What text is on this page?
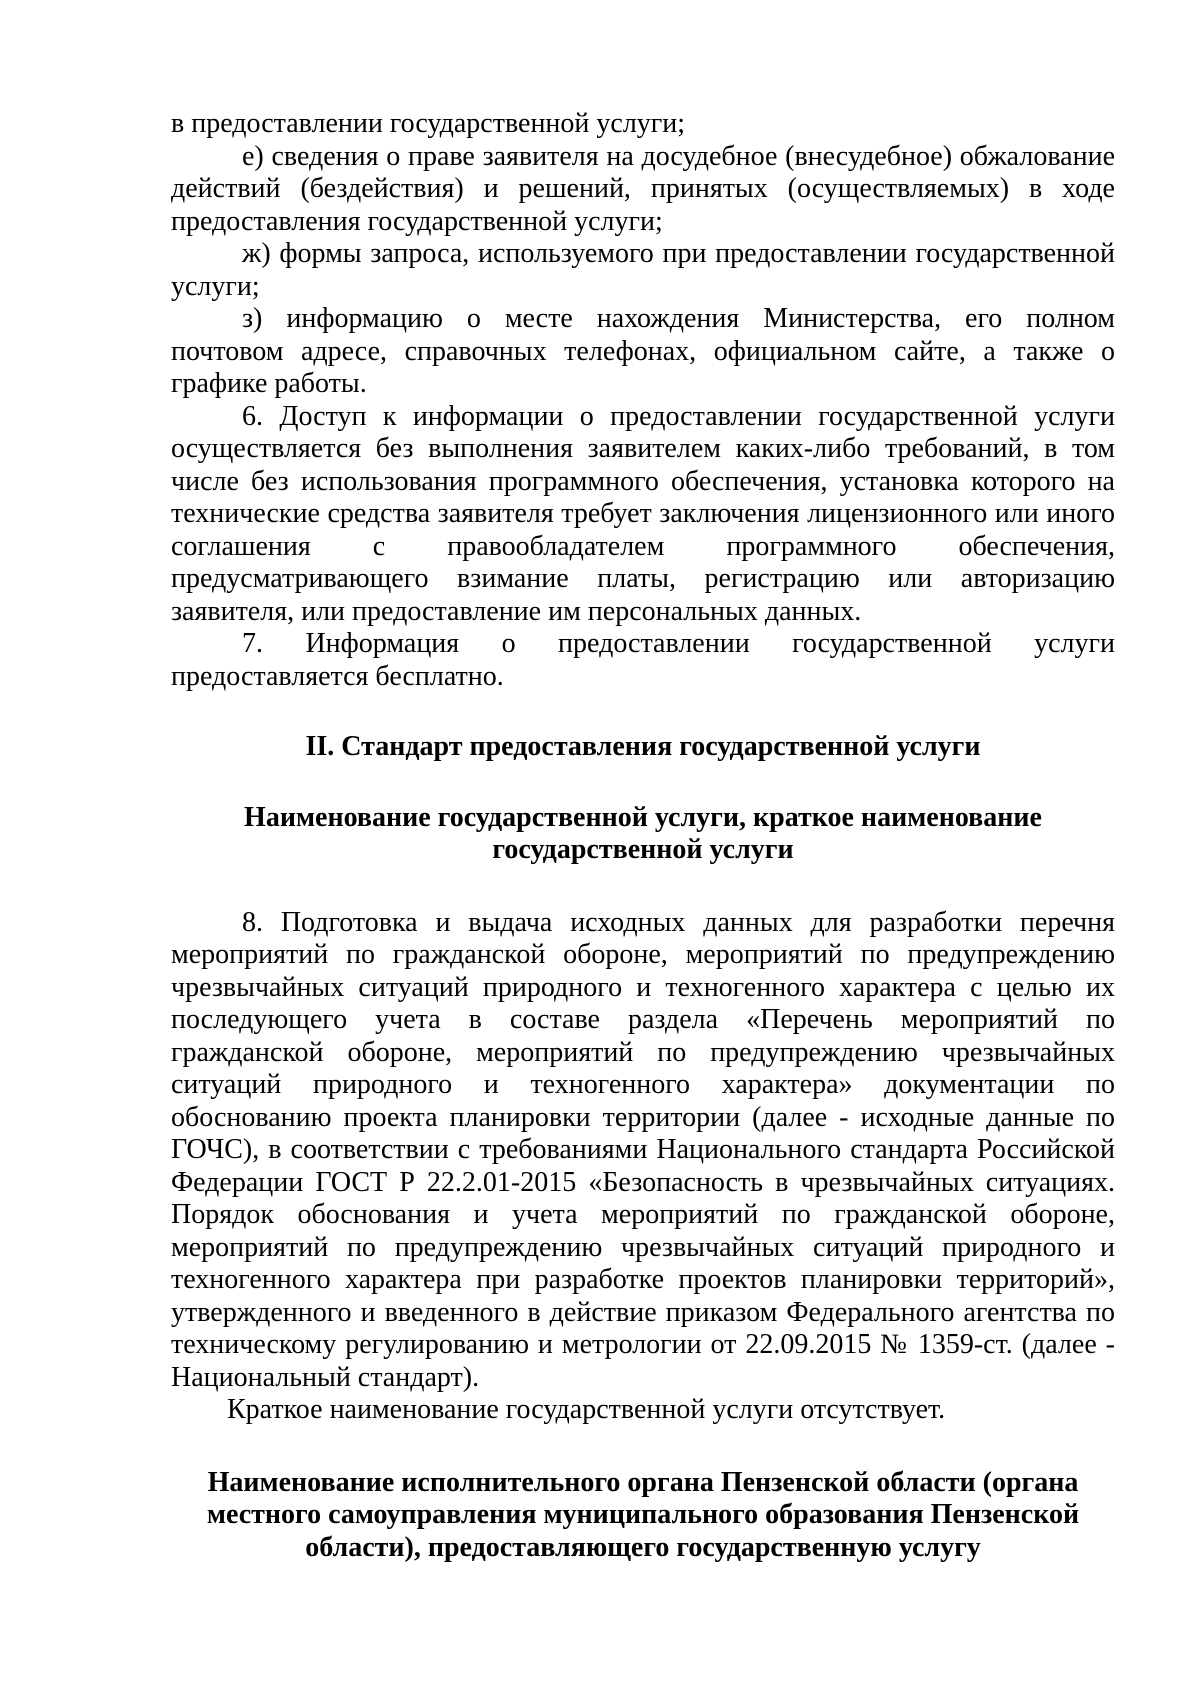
в предоставлении государственной услуги;

е) сведения о праве заявителя на досудебное (внесудебное) обжалование действий (бездействия) и решений, принятых (осуществляемых) в ходе предоставления государственной услуги;

ж) формы запроса, используемого при предоставлении государственной услуги;

з) информацию о месте нахождения Министерства, его полном почтовом адресе, справочных телефонах, официальном сайте, а также о графике работы.

6. Доступ к информации о предоставлении государственной услуги осуществляется без выполнения заявителем каких-либо требований, в том числе без использования программного обеспечения, установка которого на технические средства заявителя требует заключения лицензионного или иного соглашения с правообладателем программного обеспечения, предусматривающего взимание платы, регистрацию или авторизацию заявителя, или предоставление им персональных данных.

7. Информация о предоставлении государственной услуги предоставляется бесплатно.

II. Стандарт предоставления государственной услуги
Наименование государственной услуги, краткое наименование государственной услуги

8. Подготовка и выдача исходных данных для разработки перечня мероприятий по гражданской обороне, мероприятий по предупреждению чрезвычайных ситуаций природного и техногенного характера с целью их последующего учета в составе раздела «Перечень мероприятий по гражданской обороне, мероприятий по предупреждению чрезвычайных ситуаций природного и техногенного характера» документации по обоснованию проекта планировки территории (далее - исходные данные по ГОЧС), в соответствии с требованиями Национального стандарта Российской Федерации ГОСТ Р 22.2.01-2015 «Безопасность в чрезвычайных ситуациях. Порядок обоснования и учета мероприятий по гражданской обороне, мероприятий по предупреждению чрезвычайных ситуаций природного и техногенного характера при разработке проектов планировки территорий», утвержденного и введенного в действие приказом Федерального агентства по техническому регулированию и метрологии от 22.09.2015 № 1359-ст. (далее - Национальный стандарт).

Краткое наименование государственной услуги отсутствует.

Наименование исполнительного органа Пензенской области (органа местного самоуправления муниципального образования Пензенской области), предоставляющего государственную услугу
